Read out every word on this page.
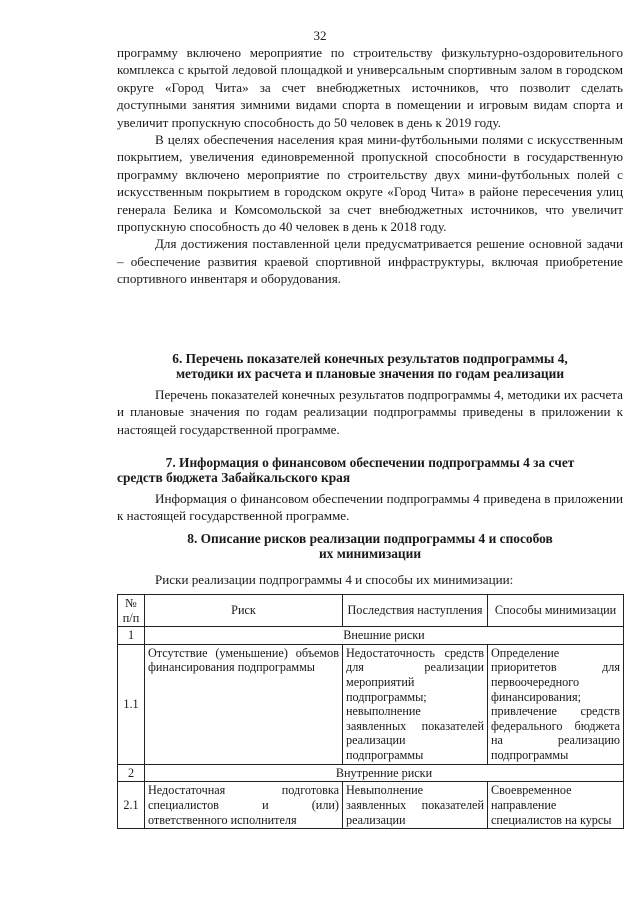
32

программу включено мероприятие по строительству физкультурно-оздоровительного комплекса с крытой ледовой площадкой и универсальным спортивным залом в городском округе «Город Чита» за счет внебюджетных источников, что позволит сделать доступными занятия зимними видами спорта в помещении и игровым видам спорта и увеличит пропускную способность до 50 человек в день к 2019 году.

В целях обеспечения населения края мини-футбольными полями с искусственным покрытием, увеличения единовременной пропускной способности в государственную программу включено мероприятие по строительству двух мини-футбольных полей с искусственным покрытием в городском округе «Город Чита» в районе пересечения улиц генерала Белика и Комсомольской за счет внебюджетных источников, что увеличит пропускную способность до 40 человек в день к 2018 году.

Для достижения поставленной цели предусматривается решение основной задачи – обеспечение развития краевой спортивной инфраструктуры, включая приобретение спортивного инвентаря и оборудования.

6. Перечень показателей конечных результатов подпрограммы 4,
методики их расчета и плановые значения по годам реализации

Перечень показателей конечных результатов подпрограммы 4, методики их расчета и плановые значения по годам реализации подпрограммы приведены в приложении к настоящей государственной программе.

7. Информация о финансовом обеспечении подпрограммы 4 за счет
средств бюджета Забайкальского края

Информация о финансовом обеспечении подпрограммы 4 приведена в приложении к настоящей государственной программе.

8. Описание рисков реализации подпрограммы 4 и способов
их минимизации

Риски реализации подпрограммы 4 и способы их минимизации:

№ п/п	Риск	Последствия наступления	Способы минимизации
1	Внешние риски		
1.1	Отсутствие (уменьшение) объемов финансирования подпрограммы	Недостаточность средств для реализации мероприятий подпрограммы; невыполнение заявленных показателей реализации подпрограммы	Определение приоритетов для первоочередного финансирования; привлечение средств федерального бюджета на реализацию подпрограммы
2	Внутренние риски		
2.1	Недостаточная подготовка специалистов и (или) ответственного исполнителя	Невыполнение заявленных показателей реализации	Своевременное направление специалистов на курсы
